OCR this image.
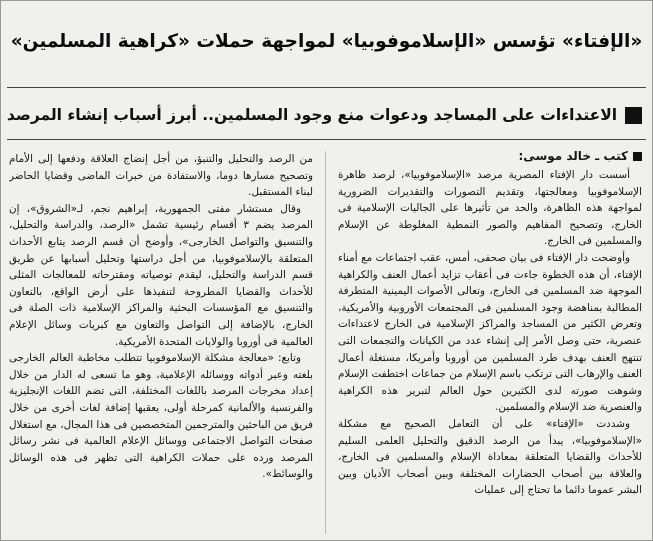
«الإفتاء» تؤسس «الإسلاموفوبيا» لمواجهة حملات «كراهية المسلمين»
الاعتداءات على المساجد ودعوات منع وجود المسلمين.. أبرز أسباب إنشاء المرصد
كتب ـ خالد موسى:

أسست دار الإفتاء المصرية مرصد «الإسلاموفوبيا»، لرصد ظاهرة الإسلاموفوبيا ومعالجتها، وتقديم التصورات والتقديرات الضرورية لمواجهة هذه الظاهرة، والحد من تأثيرها على الجاليات الإسلامية فى الخارج، وتصحيح المفاهيم والصور النمطية المغلوطة عن الإسلام والمسلمين فى الخارج.

وأوضحت دار الإفتاء فى بيان صحفى، أمس، عقب اجتماعات مع أمناء الإفتاء، أن هذه الخطوة جاءت فى أعقاب تزايد أعمال العنف والكراهية الموجهة ضد المسلمين فى الخارج، وتعالى الأصوات اليمينية المتطرفة المطالبة بمناهضة وجود المسلمين فى المجتمعات الأوروبية والأمريكية، وتعرض الكثير من المساجد والمراكز الإسلامية فى الخارج لاعتداءات عنصرية، حتى وصل الأمر إلى إنشاء عدد من الكيانات والتجمعات التى تنتهج العنف بهدف طرد المسلمين من أوروبا وأمريكا، مستغلة أعمال العنف والإرهاب التى ترتكب باسم الإسلام من جماعات اختطفت الإسلام وشوهت صورته لدى الكثيرين حول العالم لتبرير هذه الكراهية والعنصرية ضد الإسلام والمسلمين.

وشددت «الإفتاء» على أن التعامل الصحيح مع مشكلة «الإسلاموفوبيا»، يبدأ من الرصد الدقيق والتحليل العلمى السليم للأحداث والقضايا المتعلقة بمعاداة الإسلام والمسلمين فى الخارج، والعلاقة بين أصحاب الحضارات المختلفة وبين أصحاب الأديان وبين البشر عموما دائما ما تحتاج إلى عمليات

من الرصد والتحليل والتنبؤ، من أجل إنضاج العلاقة ودفعها إلى الأمام وتصحيح مسارها دوما، والاستفادة من خبرات الماضى وقضايا الحاضر لبناء المستقبل.

وقال مستشار مفتى الجمهورية، إبراهيم نجم، لـ«الشروق»، إن المرصد يضم ٣ أقسام رئيسية تشمل «الرصد، والدراسة والتحليل، والتنسيق والتواصل الخارجى»، وأوضح أن قسم الرصد يتابع الأحداث المتعلقة بالإسلاموفوبيا، من أجل دراستها وتحليل أسبابها عن طريق قسم الدراسة والتحليل، ليقدم توصياته ومقترحاته للمعالجات المثلى للأحداث والقضايا المطروحة لتنفيذها على أرض الواقع، بالتعاون والتنسيق مع المؤسسات البحثية والمراكز الإسلامية ذات الصلة فى الخارج، بالإضافة إلى التواصل والتعاون مع كبريات وسائل الإعلام العالمية فى أوروبا والولايات المتحدة الأمريكية.

وتابع: «معالجة مشكلة الإسلاموفوبيا تتطلب مخاطبة العالم الخارجى بلغته وعبر أدواته ووسائله الإعلامية، وهو ما تسعى له الدار من خلال إعداد مخرجات المرصد باللغات المختلفة، التى تضم اللغات الإنجليزية والفرنسية والألمانية كمرحلة أولى، يعقبها إضافة لغات أخرى من خلال فريق من الباحثين والمترجمين المتخصصين فى هذا المجال، مع استغلال صفحات التواصل الاجتماعى ووسائل الإعلام العالمية فى نشر رسائل المرصد ورده على حملات الكراهية التى تظهر فى هذه الوسائل والوسائط».
